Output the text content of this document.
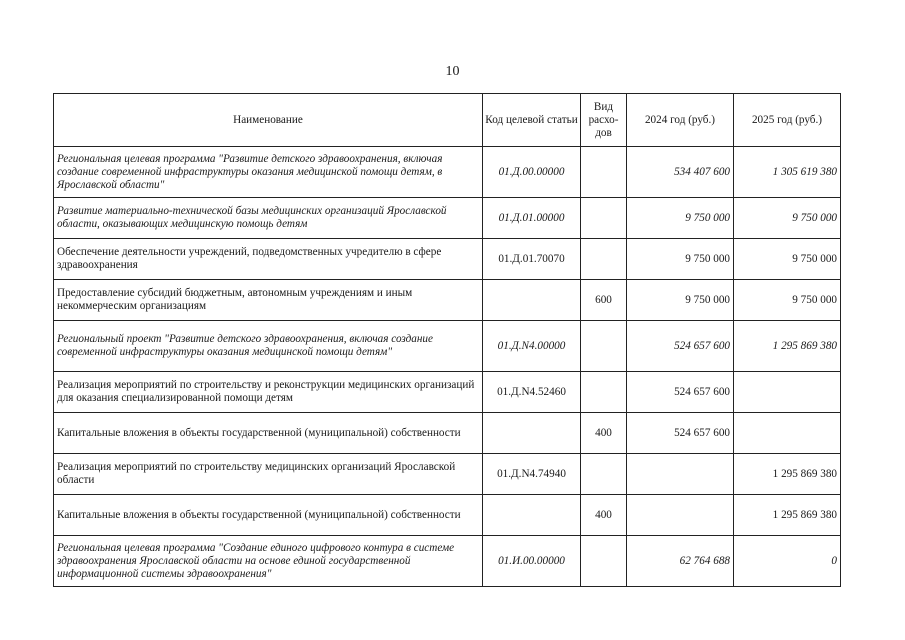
10
Наименование	Код целевой статьи	Вид расхо-дов	2024 год (руб.)	2025 год (руб.)
Региональная целевая программа "Развитие детского здравоохранения, включая создание современной инфраструктуры оказания медицинской помощи детям, в Ярославской области"	01.Д.00.00000		534 407 600	1 305 619 380
Развитие материально-технической базы медицинских организаций Ярославской области, оказывающих медицинскую помощь детям	01.Д.01.00000		9 750 000	9 750 000
Обеспечение деятельности учреждений, подведомственных учредителю в сфере здравоохранения	01.Д.01.70070		9 750 000	9 750 000
Предоставление субсидий бюджетным, автономным учреждениям и иным некоммерческим организациям		600	9 750 000	9 750 000
Региональный проект "Развитие детского здравоохранения, включая создание современной инфраструктуры оказания медицинской помощи детям"	01.Д.N4.00000		524 657 600	1 295 869 380
Реализация мероприятий по строительству и реконструкции медицинских организаций для оказания специализированной помощи детям	01.Д.N4.52460		524 657 600	
Капитальные вложения в объекты государственной (муниципальной) собственности		400	524 657 600	
Реализация мероприятий по строительству медицинских организаций Ярославской области	01.Д.N4.74940			1 295 869 380
Капитальные вложения в объекты государственной (муниципальной) собственности		400		1 295 869 380
Региональная целевая программа "Создание единого цифрового контура в системе здравоохранения Ярославской области на основе единой государственной информационной системы здравоохранения"	01.И.00.00000		62 764 688	0
